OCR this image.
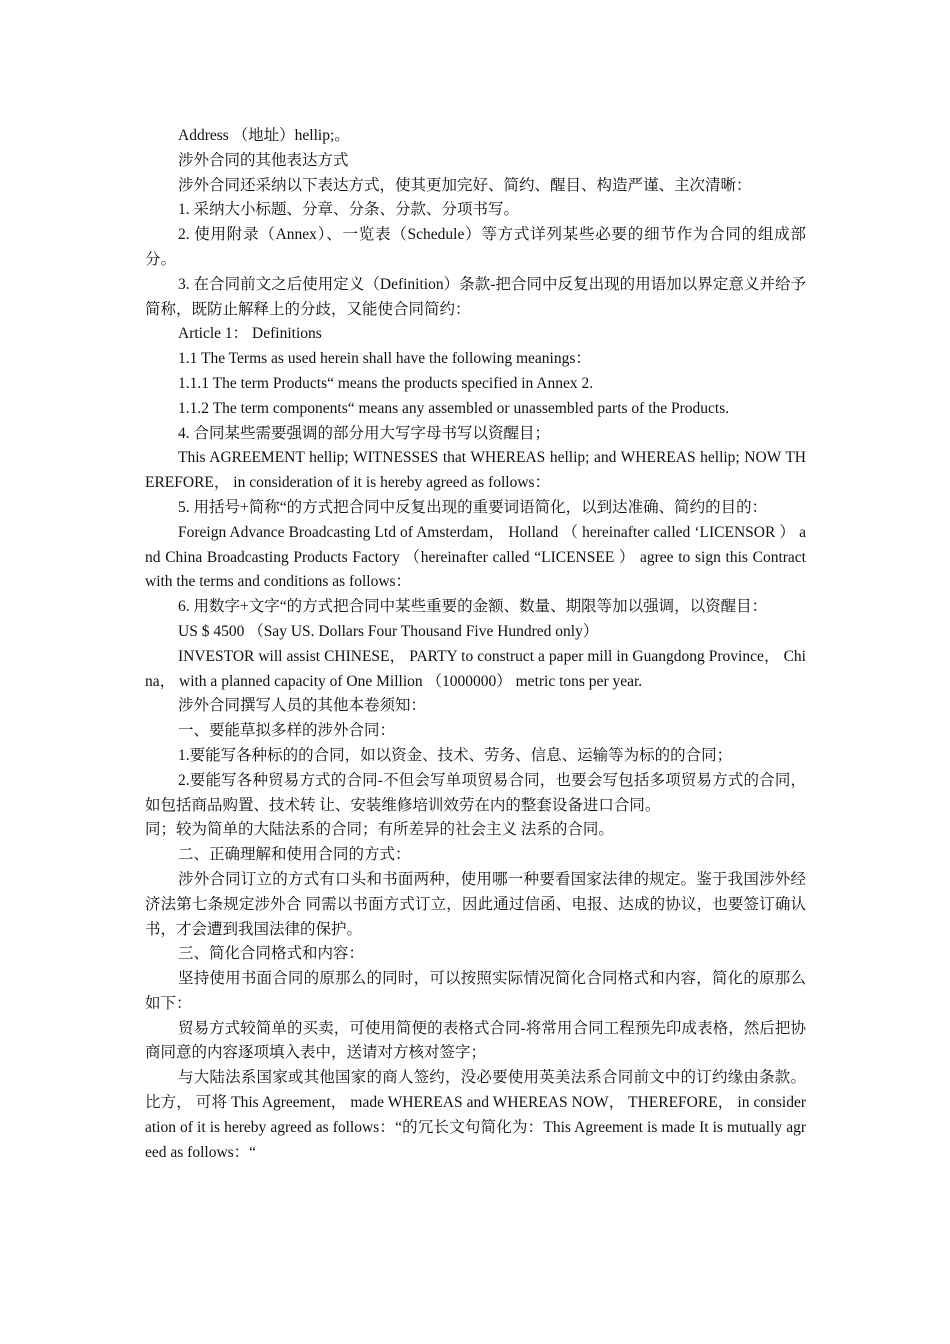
Address （地址）hellip;。

涉外合同的其他表达方式

涉外合同还采纳以下表达方式，使其更加完好、简约、醒目、构造严谨、主次清晰：

1. 采纳大小标题、分章、分条、分款、分项书写。

2. 使用附录（Annex）、一览表（Schedule）等方式详列某些必要的细节作为合同的组成部分。

3. 在合同前文之后使用定义（Definition）条款-把合同中反复出现的用语加以界定意义并给予简称，既防止解释上的分歧，又能使合同简约：

Article 1： Definitions

1.1 The Terms as used herein shall have the following meanings：

1.1.1 The term Products“ means the products specified in Annex 2.

1.1.2 The term components“ means any assembled or unassembled parts of the Products.

4. 合同某些需要强调的部分用大写字母书写以资醒目；

This AGREEMENT hellip; WITNESSES that WHEREAS hellip; and WHEREAS hellip; NOW THEREFORE， in consideration of it is hereby agreed as follows：

5. 用括号+简称“的方式把合同中反复出现的重要词语简化，以到达准确、简约的目的：

Foreign Advance Broadcasting Ltd of Amsterdam， Holland （ hereinafter called ‘LICENSOR ） and China Broadcasting Products Factory （hereinafter called “LICENSEE ） agree to sign this Contract with the terms and conditions as follows：

6. 用数字+文字“的方式把合同中某些重要的金额、数量、期限等加以强调，以资醒目：

US $ 4500 （Say US. Dollars Four Thousand Five Hundred only）

INVESTOR will assist CHINESE， PARTY to construct a paper mill in Guangdong Province， China， with a planned capacity of One Million （1000000） metric tons per year.

涉外合同撰写人员的其他本卷须知：

一、要能草拟多样的涉外合同：

1.要能写各种标的的合同，如以资金、技术、劳务、信息、运输等为标的的合同；

2.要能写各种贸易方式的合同-不但会写单项贸易合同，也要会写包括多项贸易方式的合同，如包括商品购置、技术转 让、安装维修培训效劳在内的整套设备进口合同。

同；较为简单的大陆法系的合同；有所差异的社会主义 法系的合同。

二、正确理解和使用合同的方式：

涉外合同订立的方式有口头和书面两种，使用哪一种要看国家法律的规定。鉴于我国涉外经济法第七条规定涉外合 同需以书面方式订立，因此通过信函、电报、达成的协议，也要签订确认书，才会遭到我国法律的保护。

三、简化合同格式和内容：

坚持使用书面合同的原那么的同时，可以按照实际情况简化合同格式和内容，简化的原那么如下：

贸易方式较简单的买卖，可使用简便的表格式合同-将常用合同工程预先印成表格，然后把协商同意的内容逐项填入表中，送请对方核对签字；

与大陆法系国家或其他国家的商人签约，没必要使用英美法系合同前文中的订约缘由条款。比方， 可将 This Agreement， made WHEREAS and WHEREAS NOW， THEREFORE， in consideration of it is hereby agreed as follows：“的冗长文句简化为：This Agreement is made It is mutually agreed as follows：“
